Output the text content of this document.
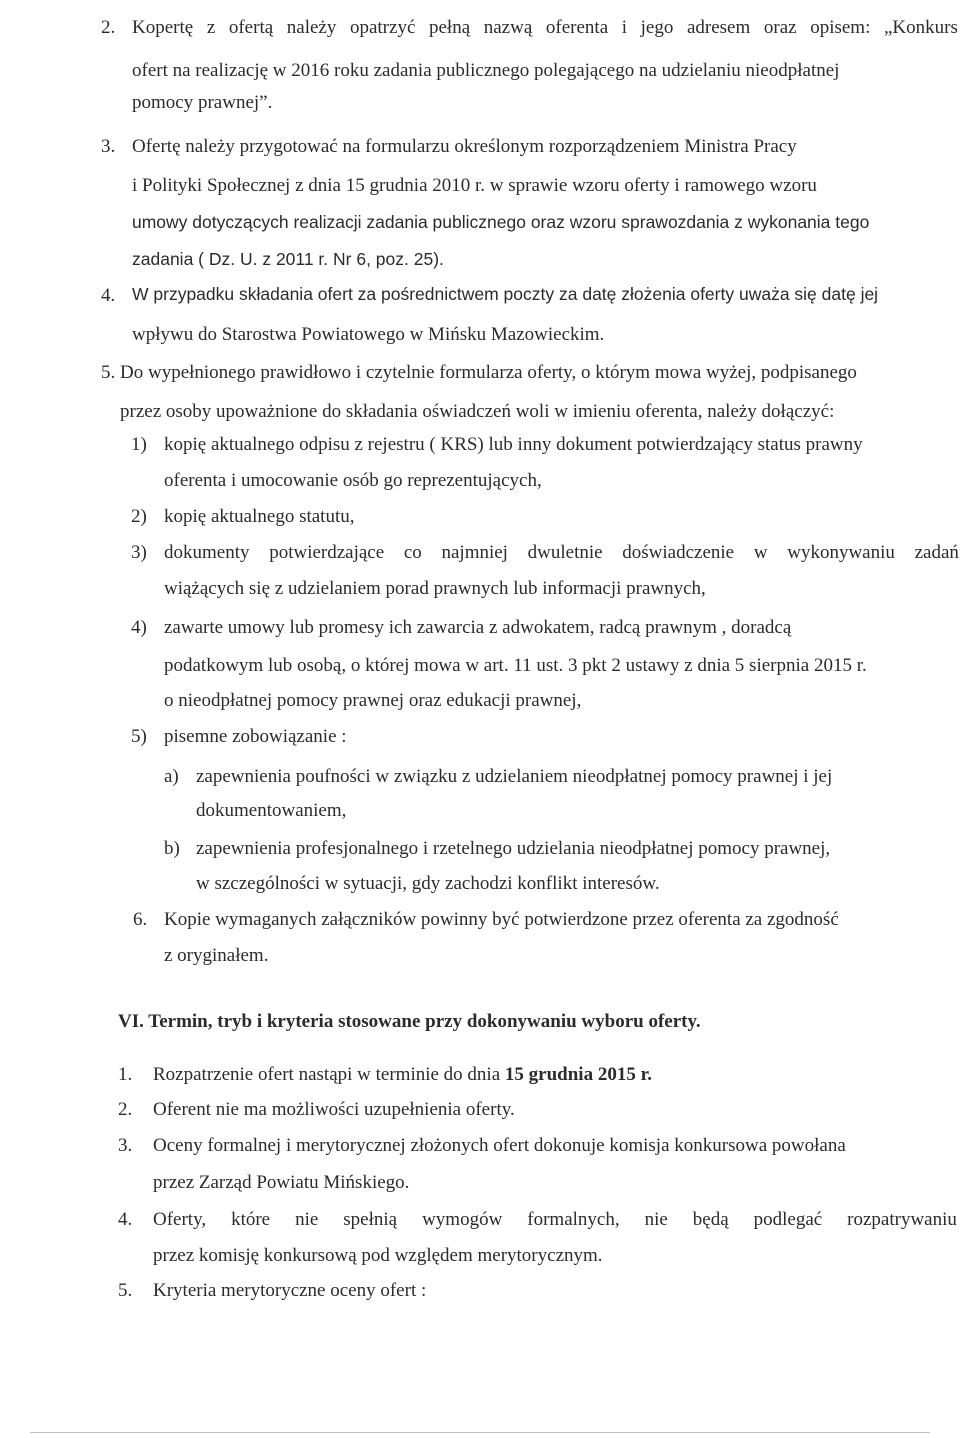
2. Kopertę z ofertą należy opatrzyć pełną nazwą oferenta i jego adresem oraz opisem: „Konkurs
ofert na realizację w 2016 roku zadania publicznego polegającego na udzielaniu nieodpłatnej
pomocy prawnej”.
3. Ofertę należy przygotować na formularzu określonym rozporządzeniem Ministra Pracy
i Polityki Społecznej z dnia 15 grudnia 2010 r. w sprawie wzoru oferty i ramowego wzoru
umowy dotyczących realizacji zadania publicznego oraz wzoru sprawozdania z wykonania tego
zadania ( Dz. U. z 2011 r. Nr 6, poz. 25).
4. W przypadku składania ofert za pośrednictwem poczty za datę złożenia oferty uważa się datę jej
wpływu do Starostwa Powiatowego w Mińsku Mazowieckim.
5. Do wypełnionego prawidłowo i czytelnie formularza oferty, o którym mowa wyżej, podpisanego
przez osoby upoważnione do składania oświadczeń woli w imieniu oferenta, należy dołączyć:
1) kopię aktualnego odpisu z rejestru ( KRS) lub inny dokument potwierdzający status prawny
oferenta i umocowanie osób go reprezentujących,
2) kopię aktualnego statutu,
3) dokumenty potwierdzające co najmniej dwuletnie doświadczenie w wykonywaniu zadań
wiążących się z udzielaniem porad prawnych lub informacji prawnych,
4) zawarte umowy lub promesy ich zawarcia z adwokatem, radcą prawnym , doradcą
podatkowym lub osobą, o której mowa w art. 11 ust. 3 pkt 2 ustawy z dnia 5 sierpnia 2015 r.
o nieodpłatnej pomocy prawnej oraz edukacji prawnej,
5) pisemne zobowiązanie :
a) zapewnienia poufności w związku z udzielaniem nieodpłatnej pomocy prawnej i jej
dokumentowaniem,
b) zapewnienia profesjonalnego i rzetelnego udzielania nieodpłatnej pomocy prawnej,
w szczególności w sytuacji, gdy zachodzi konflikt interesów.
6. Kopie wymaganych załączników powinny być potwierdzone przez oferenta za zgodność
z oryginałem.
VI. Termin, tryb i kryteria stosowane przy dokonywaniu wyboru oferty.
1. Rozpatrzenie ofert nastąpi w terminie do dnia 15 grudnia 2015 r.
2. Oferent nie ma możliwości uzupełnienia oferty.
3. Oceny formalnej i merytorycznej złożonych ofert dokonuje komisja konkursowa powołana
przez Zarząd Powiatu Mińskiego.
4. Oferty, które nie spełnią wymogów formalnych, nie będą podlegać rozpatrywaniu
przez komisję konkursową pod względem merytorycznym.
5. Kryteria merytoryczne oceny ofert :
